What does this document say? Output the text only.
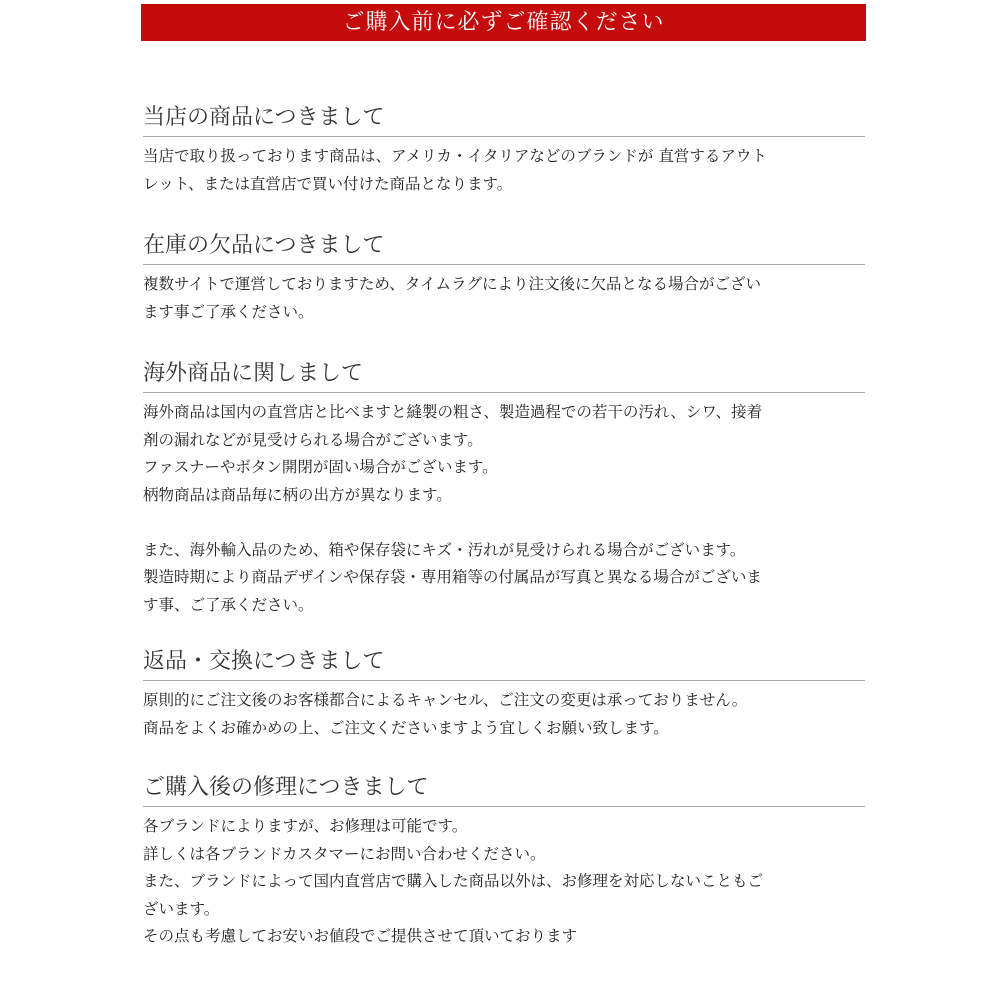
ご購入前に必ずご確認ください
当店の商品につきまして

当店で取り扱っております商品は、アメリカ・イタリアなどのブランドが 直営するアウト
レット、または直営店で買い付けた商品となります。

在庫の欠品につきまして

複数サイトで運営しておりますため、タイムラグにより注文後に欠品となる場合がござい
ます事ご了承ください。

海外商品に関しまして

海外商品は国内の直営店と比べますと縫製の粗さ、製造過程での若干の汚れ、シワ、接着
剤の漏れなどが見受けられる場合がございます。
ファスナーやボタン開閉が固い場合がございます。
柄物商品は商品毎に柄の出方が異なります。

また、海外輸入品のため、箱や保存袋にキズ・汚れが見受けられる場合がございます。
製造時期により商品デザインや保存袋・専用箱等の付属品が写真と異なる場合がございま
す事、ご了承ください。

返品・交換につきまして

原則的にご注文後のお客様都合によるキャンセル、ご注文の変更は承っておりません。
商品をよくお確かめの上、ご注文くださいますよう宜しくお願い致します。

ご購入後の修理につきまして

各ブランドによりますが、お修理は可能です。
詳しくは各ブランドカスタマーにお問い合わせください。
また、ブランドによって国内直営店で購入した商品以外は、お修理を対応しないこともご
ざいます。
その点も考慮してお安いお値段でご提供させて頂いております
